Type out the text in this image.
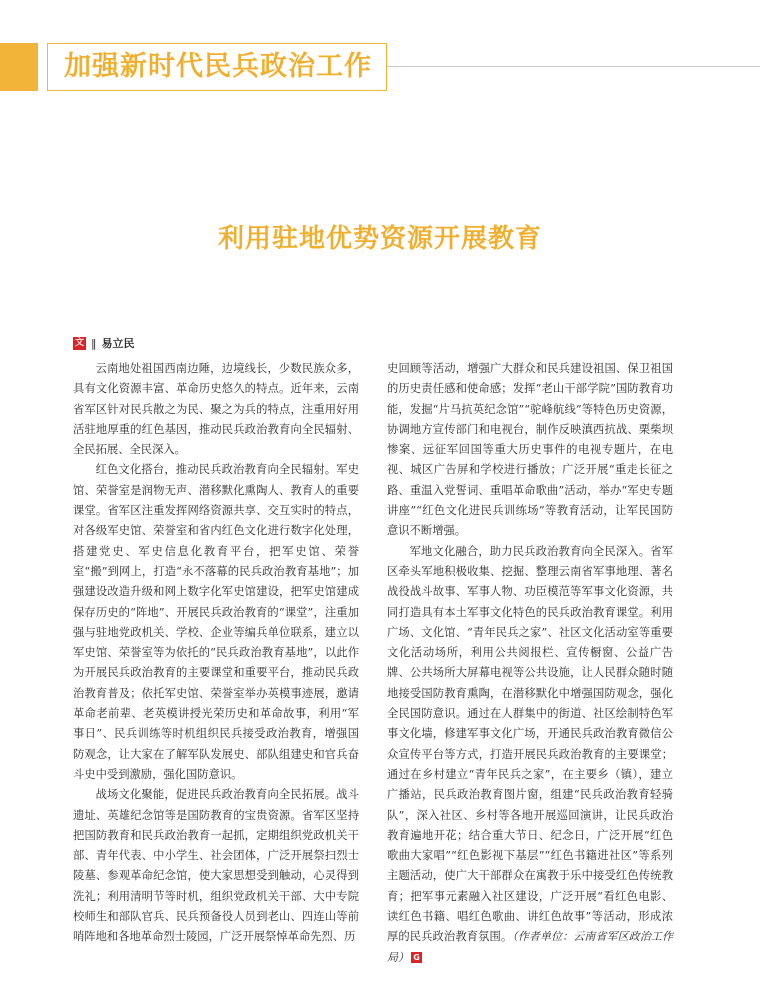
加强新时代民兵政治工作
利用驻地优势资源开展教育
文 ‖ 易立民

云南地处祖国西南边陲，边境线长，少数民族众多，具有文化资源丰富、革命历史悠久的特点。近年来，云南省军区针对民兵散之为民、聚之为兵的特点，注重用好用活驻地厚重的红色基因，推动民兵政治教育向全民辐射、全民拓展、全民深入。

红色文化搭台，推动民兵政治教育向全民辐射。军史馆、荣誉室是润物无声、潜移默化熏陶人、教育人的重要课堂。省军区注重发挥网络资源共享、交互实时的特点，对各级军史馆、荣誉室和省内红色文化进行数字化处理，搭建党史、军史信息化教育平台，把军史馆、荣誉室“搬”到网上，打造“永不落幕的民兵政治教育基地”；加强建设改造升级和网上数字化军史馆建设，把军史馆建成保存历史的“阵地”、开展民兵政治教育的“课堂”，注重加强与驻地党政机关、学校、企业等编兵单位联系，建立以军史馆、荣誉室等为依托的“民兵政治教育基地”，以此作为开展民兵政治教育的主要课堂和重要平台，推动民兵政治教育普及；依托军史馆、荣誉室举办英模事迹展，邀请革命老前辈、老英模讲授光荣历史和革命故事，利用“军事日”、民兵训练等时机组织民兵接受政治教育，增强国防观念，让大家在了解军队发展史、部队组建史和官兵奋斗史中受到激励，强化国防意识。

战场文化聚能，促进民兵政治教育向全民拓展。战斗遗址、英雄纪念馆等是国防教育的宝贵资源。省军区坚持把国防教育和民兵政治教育一起抓，定期组织党政机关干部、青年代表、中小学生、社会团体，广泛开展祭扫烈士陵墓、参观革命纪念馆，使大家思想受到触动，心灵得到洗礼；利用清明节等时机，组织党政机关干部、大中专院校师生和部队官兵、民兵预备役人员到老山、四连山等前哨阵地和各地革命烈士陵园，广泛开展祭悼革命先烈、历

史回顾等活动，增强广大群众和民兵建设祖国、保卫祖国的历史责任感和使命感；发挥“老山干部学院”国防教育功能，发掘“片马抗英纪念馆”“驼峰航线”等特色历史资源，协调地方宣传部门和电视台，制作反映滇西抗战、栗柴坝惨案、远征军回国等重大历史事件的电视专题片，在电视、城区广告屏和学校进行播放；广泛开展“重走长征之路、重温入党誓词、重唱革命歌曲”活动，举办“军史专题讲座”“红色文化进民兵训练场”等教育活动，让军民国防意识不断增强。

军地文化融合，助力民兵政治教育向全民深入。省军区牵头军地积极收集、挖掘、整理云南省军事地理、著名战役战斗故事、军事人物、功臣模范等军事文化资源，共同打造具有本土军事文化特色的民兵政治教育课堂。利用广场、文化馆、“青年民兵之家”、社区文化活动室等重要文化活动场所，利用公共阅报栏、宣传橱窗、公益广告牌、公共场所大屏幕电视等公共设施，让人民群众随时随地接受国防教育熏陶，在潜移默化中增强国防观念，强化全民国防意识。通过在人群集中的街道、社区绘制特色军事文化墙，修建军事文化广场，开通民兵政治教育微信公众宣传平台等方式，打造开展民兵政治教育的主要课堂；通过在乡村建立“青年民兵之家”，在主要乡（镇），建立广播站，民兵政治教育图片窗，组建“民兵政治教育轻骑队”，深入社区、乡村等各地开展巡回演讲，让民兵政治教育遍地开花；结合重大节日、纪念日，广泛开展“红色歌曲大家唱”“红色影视下基层”“红色书籍进社区”等系列主题活动，使广大干部群众在寓教于乐中接受红色传统教育；把军事元素融入社区建设，广泛开展“看红色电影、读红色书籍、唱红色歌曲、讲红色故事”等活动，形成浓厚的民兵政治教育氛围。（作者单位：云南省军区政治工作局） G
